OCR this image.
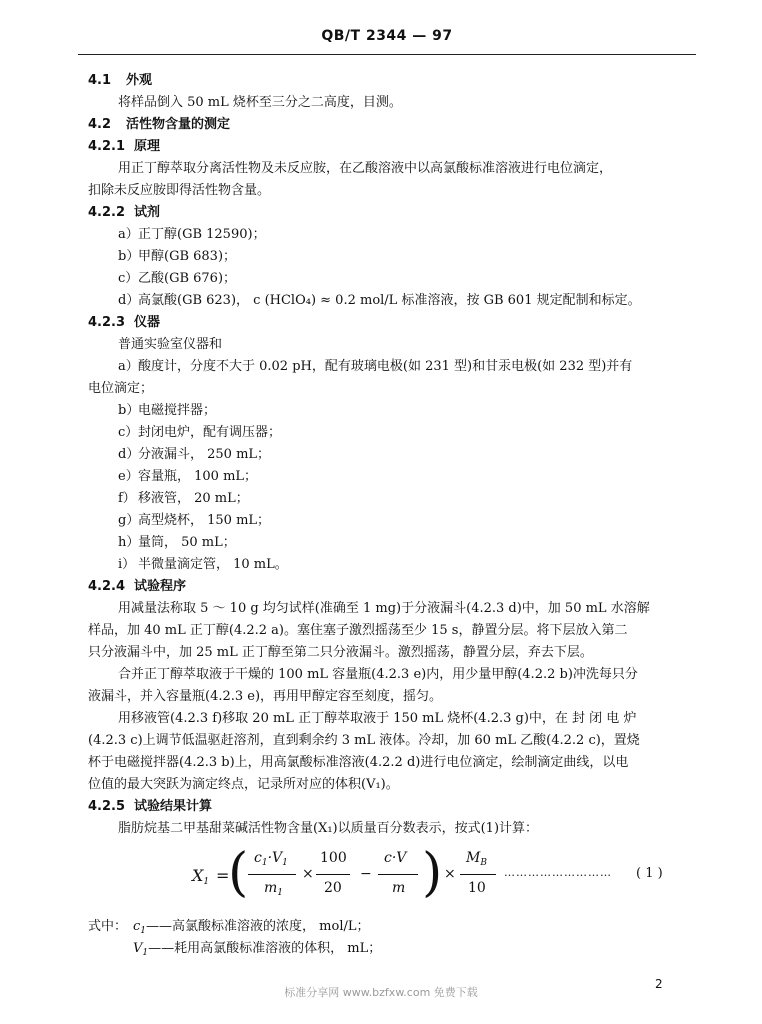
QB/T 2344 — 97
4.1 外观
将样品倒入 50 mL 烧杯至三分之二高度，目测。
4.2 活性物含量的测定
4.2.1 原理
用正丁醇萃取分离活性物及未反应胺，在乙酸溶液中以高氯酸标准溶液进行电位滴定，
扣除未反应胺即得活性物含量。
4.2.2 试剂
a）正丁醇(GB 12590)；
b）甲醇(GB 683)；
c）乙酸(GB 676)；
d）高氯酸(GB 623)， c (HClO₄) ≈ 0.2 mol/L 标准溶液，按 GB 601 规定配制和标定。
4.2.3 仪器
普通实验室仪器和
a）酸度计，分度不大于 0.02 pH，配有玻璃电极(如 231 型)和甘汞电极(如 232 型)并有
电位滴定；
b）电磁搅拌器；
c）封闭电炉，配有调压器；
d）分液漏斗， 250 mL；
e）容量瓶， 100 mL；
f） 移液管， 20 mL；
g）高型烧杯， 150 mL；
h）量筒， 50 mL；
i） 半微量滴定管， 10 mL。
4.2.4 试验程序
用减量法称取 5 ～ 10 g 均匀试样(准确至 1 mg)于分液漏斗(4.2.3 d)中，加 50 mL 水溶解
样品，加 40 mL 正丁醇(4.2.2 a)。塞住塞子激烈摇荡至少 15 s，静置分层。将下层放入第二
只分液漏斗中，加 25 mL 正丁醇至第二只分液漏斗。激烈摇荡，静置分层，弃去下层。
合并正丁醇萃取液于干燥的 100 mL 容量瓶(4.2.3 e)内，用少量甲醇(4.2.2 b)冲洗每只分
液漏斗，并入容量瓶(4.2.3 e)，再用甲醇定容至刻度，摇匀。
用移液管(4.2.3 f)移取 20 mL 正丁醇萃取液于 150 mL 烧杯(4.2.3 g)中，在 封 闭 电 炉
(4.2.3 c)上调节低温驱赶溶剂，直到剩余约 3 mL 液体。冷却，加 60 mL 乙酸(4.2.2 c)，置烧
杯于电磁搅拌器(4.2.3 b)上，用高氯酸标准溶液(4.2.2 d)进行电位滴定，绘制滴定曲线，以电
位值的最大突跃为滴定终点，记录所对应的体积(V₁)。
4.2.5 试验结果计算
脂肪烷基二甲基甜菜碱活性物含量(X₁)以质量百分数表示，按式(1)计算：
$X_1$ =
( $c_1\cdot V_1$
$m_1$
×
100
20
−
c·V
m ) ×
$M_B$
10
……………………… ( 1 )
式中： $c_1——$高氯酸标准溶液的浓度， mol/L；
$V_1——$耗用高氯酸标准溶液的体积， mL；
标准分享网 www.bzfxw.com 免费下载
2
